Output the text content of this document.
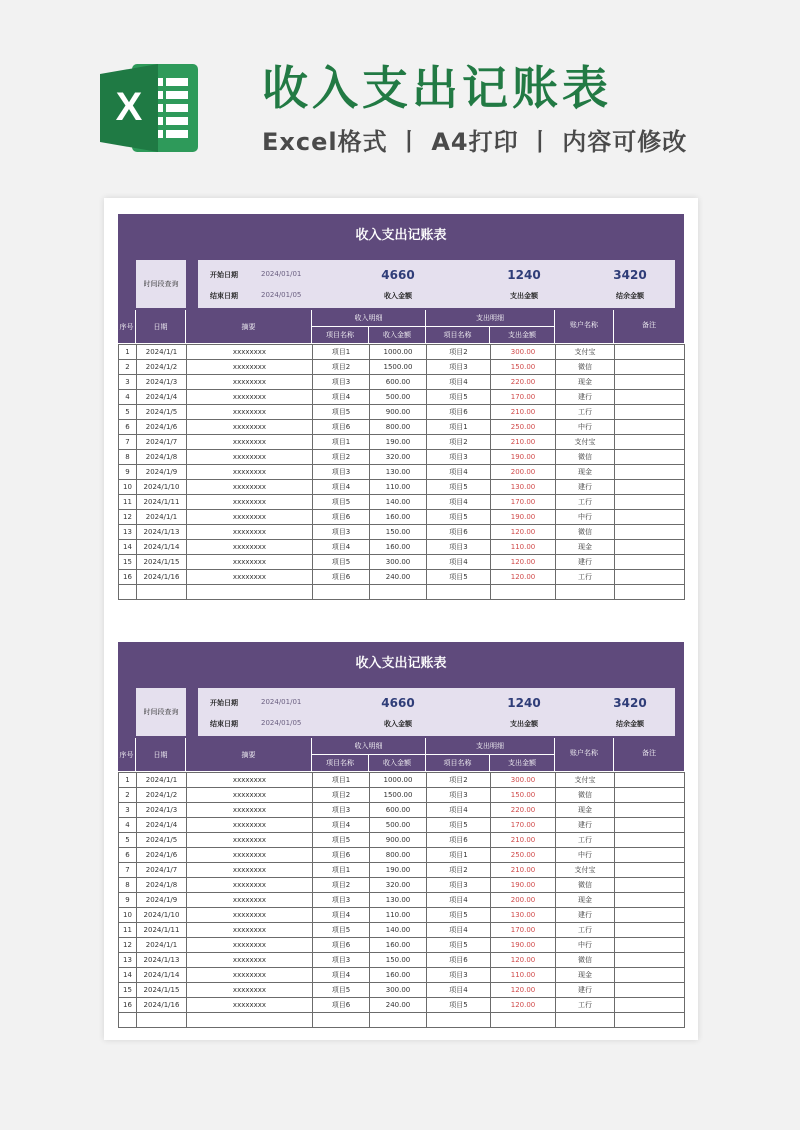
X	收入支出记账表
Excel格式 丨 A4打印 丨 内容可修改
收入支出记账表
时间段查询
开始日期	2024/01/01
结束日期	2024/01/05
4660
收入金额
1240
支出金额
3420
结余金额
序号	日期	摘要
收入明细
项目名称	收入金额
支出明细
项目名称	支出金额
账户名称	备注
1	2024/1/1	xxxxxxxx	项目1	1000.00	项目2	300.00	支付宝	
2	2024/1/2	xxxxxxxx	项目2	1500.00	项目3	150.00	微信	
3	2024/1/3	xxxxxxxx	项目3	600.00	项目4	220.00	现金	
4	2024/1/4	xxxxxxxx	项目4	500.00	项目5	170.00	建行	
5	2024/1/5	xxxxxxxx	项目5	900.00	项目6	210.00	工行	
6	2024/1/6	xxxxxxxx	项目6	800.00	项目1	250.00	中行	
7	2024/1/7	xxxxxxxx	项目1	190.00	项目2	210.00	支付宝	
8	2024/1/8	xxxxxxxx	项目2	320.00	项目3	190.00	微信	
9	2024/1/9	xxxxxxxx	项目3	130.00	项目4	200.00	现金	
10	2024/1/10	xxxxxxxx	项目4	110.00	项目5	130.00	建行	
11	2024/1/11	xxxxxxxx	项目5	140.00	项目4	170.00	工行	
12	2024/1/1	xxxxxxxx	项目6	160.00	项目5	190.00	中行	
13	2024/1/13	xxxxxxxx	项目3	150.00	项目6	120.00	微信	
14	2024/1/14	xxxxxxxx	项目4	160.00	项目3	110.00	现金	
15	2024/1/15	xxxxxxxx	项目5	300.00	项目4	120.00	建行	
16	2024/1/16	xxxxxxxx	项目6	240.00	项目5	120.00	工行	

收入支出记账表
时间段查询
开始日期	2024/01/01
结束日期	2024/01/05
4660
收入金额
1240
支出金额
3420
结余金额
序号	日期	摘要
收入明细
项目名称	收入金额
支出明细
项目名称	支出金额
账户名称	备注
1	2024/1/1	xxxxxxxx	项目1	1000.00	项目2	300.00	支付宝	
2	2024/1/2	xxxxxxxx	项目2	1500.00	项目3	150.00	微信	
3	2024/1/3	xxxxxxxx	项目3	600.00	项目4	220.00	现金	
4	2024/1/4	xxxxxxxx	项目4	500.00	项目5	170.00	建行	
5	2024/1/5	xxxxxxxx	项目5	900.00	项目6	210.00	工行	
6	2024/1/6	xxxxxxxx	项目6	800.00	项目1	250.00	中行	
7	2024/1/7	xxxxxxxx	项目1	190.00	项目2	210.00	支付宝	
8	2024/1/8	xxxxxxxx	项目2	320.00	项目3	190.00	微信	
9	2024/1/9	xxxxxxxx	项目3	130.00	项目4	200.00	现金	
10	2024/1/10	xxxxxxxx	项目4	110.00	项目5	130.00	建行	
11	2024/1/11	xxxxxxxx	项目5	140.00	项目4	170.00	工行	
12	2024/1/1	xxxxxxxx	项目6	160.00	项目5	190.00	中行	
13	2024/1/13	xxxxxxxx	项目3	150.00	项目6	120.00	微信	
14	2024/1/14	xxxxxxxx	项目4	160.00	项目3	110.00	现金	
15	2024/1/15	xxxxxxxx	项目5	300.00	项目4	120.00	建行	
16	2024/1/16	xxxxxxxx	项目6	240.00	项目5	120.00	工行	
